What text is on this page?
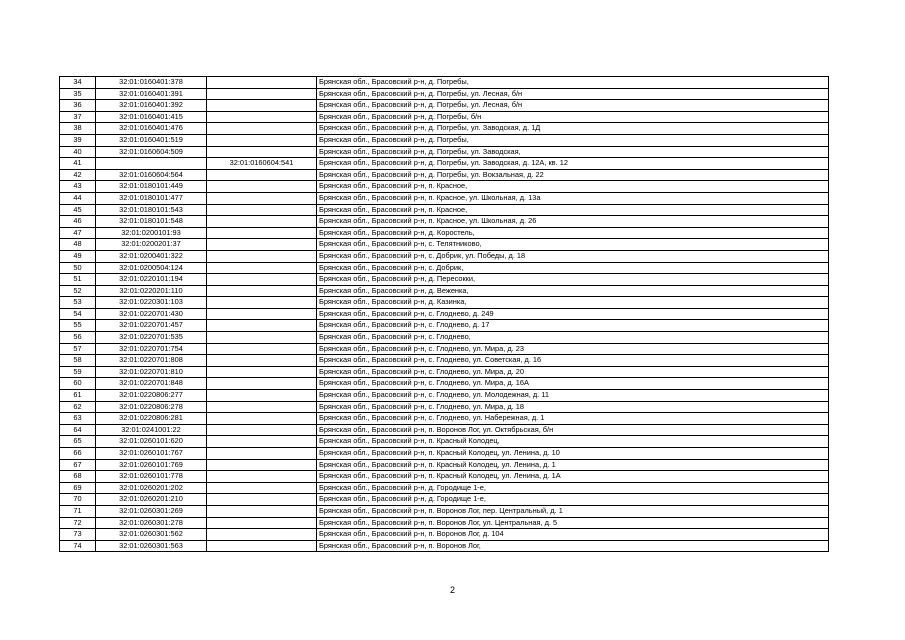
34	32:01:0160401:378		Брянская обл., Брасовский р-н, д. Погребы,
35	32:01:0160401:391		Брянская обл., Брасовский р-н, д. Погребы, ул. Лесная, б/н
36	32:01:0160401:392		Брянская обл., Брасовский р-н, д. Погребы, ул. Лесная, б/н
37	32:01:0160401:415		Брянская обл., Брасовский р-н, д. Погребы, б/н
38	32:01:0160401:476		Брянская обл., Брасовский р-н, д. Погребы, ул. Заводская, д. 1Д
39	32:01:0160401:519		Брянская обл., Брасовский р-н, д. Погребы,
40	32:01:0160604:509		Брянская обл., Брасовский р-н, д. Погребы, ул. Заводская,
41		32:01:0160604:541	Брянская обл., Брасовский р-н, д. Погребы, ул. Заводская, д. 12А, кв. 12
42	32:01:0160604:564		Брянская обл., Брасовский р-н, д. Погребы, ул. Вокзальная, д. 22
43	32:01:0180101:449		Брянская обл., Брасовский р-н, п. Красное,
44	32:01:0180101:477		Брянская обл., Брасовский р-н, п. Красное, ул. Школьная, д. 13а
45	32:01:0180101:543		Брянская обл., Брасовский р-н, п. Красное,
46	32:01:0180101:548		Брянская обл., Брасовский р-н, п. Красное, ул. Школьная, д. 26
47	32:01:0200101:93		Брянская обл., Брасовский р-н, д. Коростель,
48	32:01:0200201:37		Брянская обл., Брасовский р-н, с. Телятниково,
49	32:01:0200401:322		Брянская обл., Брасовский р-н, с. Добрик, ул. Победы, д. 18
50	32:01:0200504:124		Брянская обл., Брасовский р-н, с. Добрик,
51	32:01:0220101:194		Брянская обл., Брасовский р-н, д. Пересокки,
52	32:01:0220201:110		Брянская обл., Брасовский р-н, д. Веженка,
53	32:01:0220301:103		Брянская обл., Брасовский р-н, д. Казинка,
54	32:01:0220701:430		Брянская обл., Брасовский р-н, с. Глоднево, д. 249
55	32:01:0220701:457		Брянская обл., Брасовский р-н, с. Глоднево, д. 17
56	32:01:0220701:535		Брянская обл., Брасовский р-н, с. Глоднево,
57	32:01:0220701:754		Брянская обл., Брасовский р-н, с. Глоднево, ул. Мира, д. 23
58	32:01:0220701:808		Брянская обл., Брасовский р-н, с. Глоднево, ул. Советская, д. 16
59	32:01:0220701:810		Брянская обл., Брасовский р-н, с. Глоднево, ул. Мира, д. 20
60	32:01:0220701:848		Брянская обл., Брасовский р-н, с. Глоднево, ул. Мира, д. 16А
61	32:01:0220806:277		Брянская обл., Брасовский р-н, с. Глоднево, ул. Молодежная, д. 11
62	32:01:0220806:278		Брянская обл., Брасовский р-н, с. Глоднево, ул. Мира, д. 18
63	32:01:0220806:281		Брянская обл., Брасовский р-н, с. Глоднево, ул. Набережная, д. 1
64	32:01:0241001:22		Брянская обл., Брасовский р-н, п. Воронов Лог, ул. Октябрьская, б/н
65	32:01:0260101:620		Брянская обл., Брасовский р-н, п. Красный Колодец,
66	32:01:0260101:767		Брянская обл., Брасовский р-н, п. Красный Колодец, ул. Ленина, д. 10
67	32:01:0260101:769		Брянская обл., Брасовский р-н, п. Красный Колодец, ул. Ленина, д. 1
68	32:01:0260101:778		Брянская обл., Брасовский р-н, п. Красный Колодец, ул. Ленина, д. 1А
69	32:01:0260201:202		Брянская обл., Брасовский р-н, д. Городище 1-е,
70	32:01:0260201:210		Брянская обл., Брасовский р-н, д. Городище 1-е,
71	32:01:0260301:269		Брянская обл., Брасовский р-н, п. Воронов Лог, пер. Центральный, д. 1
72	32:01:0260301:278		Брянская обл., Брасовский р-н, п. Воронов Лог, ул. Центральная, д. 5
73	32:01:0260301:562		Брянская обл., Брасовский р-н, п. Воронов Лог, д. 104
74	32:01:0260301:563		Брянская обл., Брасовский р-н, п. Воронов Лог,
2
